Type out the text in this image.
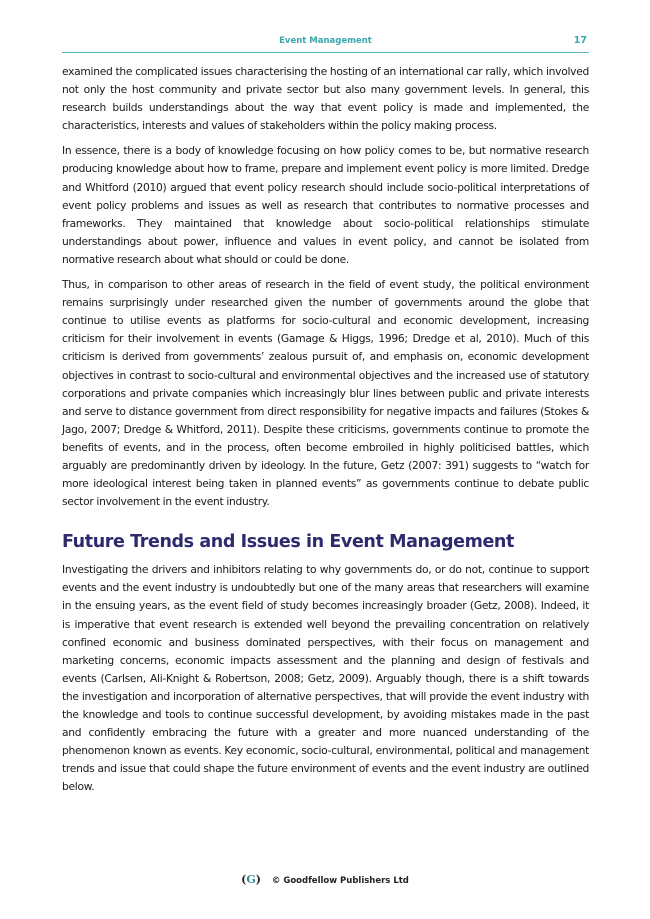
Event Management	17

examined the complicated issues characterising the hosting of an international car rally, which involved not only the host community and private sector but also many government levels. In general, this research builds understandings about the way that event policy is made and implemented, the characteristics, interests and values of stakeholders within the policy making process.

In essence, there is a body of knowledge focusing on how policy comes to be, but normative research producing knowledge about how to frame, prepare and implement event policy is more limited. Dredge and Whitford (2010) argued that event policy research should include socio-political interpretations of event policy problems and issues as well as research that contributes to normative processes and frameworks. They maintained that knowledge about socio-political relationships stimulate understandings about power, influence and values in event policy, and cannot be isolated from normative research about what should or could be done.

Thus, in comparison to other areas of research in the field of event study, the political environment remains surprisingly under researched given the number of governments around the globe that continue to utilise events as platforms for socio-cultural and economic development, increasing criticism for their involvement in events (Gamage & Higgs, 1996; Dredge et al, 2010). Much of this criticism is derived from governments’ zealous pursuit of, and emphasis on, economic development objectives in contrast to socio-cultural and environmental objectives and the increased use of statutory corporations and private companies which increasingly blur lines between public and private interests and serve to distance government from direct responsibility for negative impacts and failures (Stokes & Jago, 2007; Dredge & Whitford, 2011). Despite these criticisms, governments continue to promote the benefits of events, and in the process, often become embroiled in highly politicised battles, which arguably are predominantly driven by ideology. In the future, Getz (2007: 391) suggests to “watch for more ideological interest being taken in planned events” as governments continue to debate public sector involvement in the event industry.

Future Trends and Issues in Event Management

Investigating the drivers and inhibitors relating to why governments do, or do not, continue to support events and the event industry is undoubtedly but one of the many areas that researchers will examine in the ensuing years, as the event field of study becomes increasingly broader (Getz, 2008). Indeed, it is imperative that event research is extended well beyond the prevailing concentration on relatively confined economic and business dominated perspectives, with their focus on management and marketing concerns, economic impacts assessment and the planning and design of festivals and events (Carlsen, Ali-Knight & Robertson, 2008; Getz, 2009). Arguably though, there is a shift towards the investigation and incorporation of alternative perspectives, that will provide the event industry with the knowledge and tools to continue successful development, by avoiding mistakes made in the past and confidently embracing the future with a greater and more nuanced understanding of the phenomenon known as events. Key economic, socio-cultural, environmental, political and management trends and issue that could shape the future environment of events and the event industry are outlined below.

(G) © Goodfellow Publishers Ltd
